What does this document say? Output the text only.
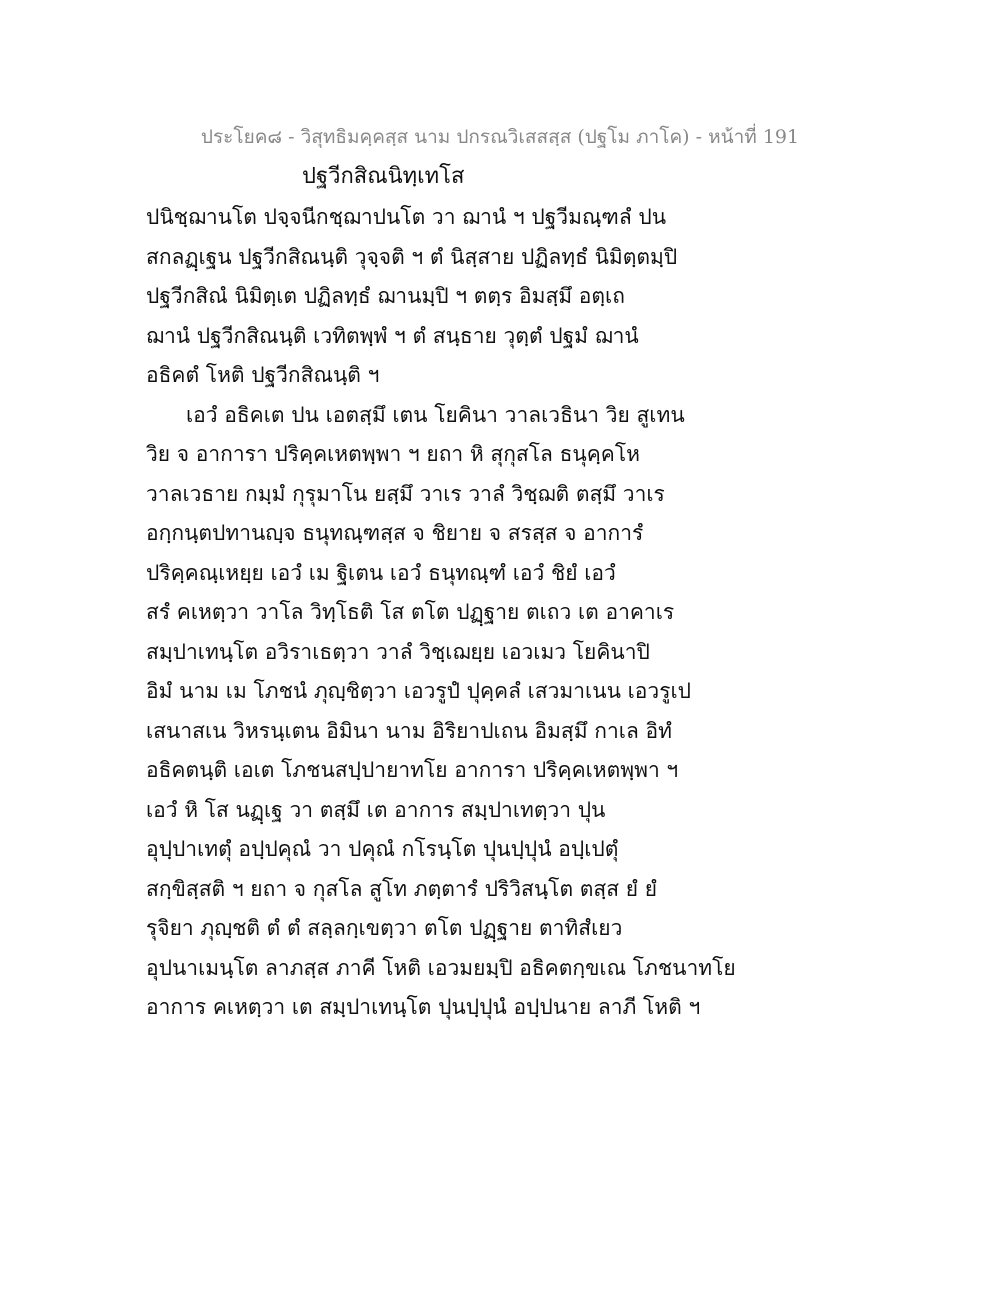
ประโยค๘ - วิสุทธิมคฺคสฺส นาม ปกรณวิเสสสฺส (ปฐโม ภาโค) - หน้าที่ 191
ปฐวีกสิณนิทฺเทโส
ปนิชฺฌานโต ปจฺจนีกชฺฌาปนโต วา ฌานํ ฯ ปฐวีมณฺฑลํ ปน
สกลฏฺเฐน ปฐวีกสิณนฺติ วุจฺจติ ฯ ตํ นิสฺสาย ปฏิลทฺธํ นิมิตฺตมฺปิ
ปฐวีกสิณํ นิมิตฺเต ปฏิลทฺธํ ฌานมฺปิ ฯ ตตฺร อิมสฺมึ อตฺเถ
ฌานํ ปฐวีกสิณนฺติ เวทิตพฺพํ ฯ ตํ สนฺธาย วุตฺตํ ปฐมํ ฌานํ
อธิคตํ โหติ ปฐวีกสิณนฺติ ฯ
เอวํ อธิคเต ปน เอตสฺมึ เตน โยคินา วาลเวธินา วิย สูเทน
วิย จ อาการา ปริคฺคเหตพฺพา ฯ ยถา หิ สุกุสโล ธนุคฺคโห
วาลเวธาย กมฺมํ กุรุมาโน ยสฺมึ วาเร วาลํ วิชฺฌติ ตสฺมึ วาเร
อกฺกนฺตปทานญฺจ ธนุทณฺฑสฺส จ ชิยาย จ สรสฺส จ อาการํ
ปริคฺคณฺเหยฺย เอวํ เม ฐิเตน เอวํ ธนุทณฺฑํ เอวํ ชิยํ เอวํ
สรํ คเหตฺวา วาโล วิทฺโธติ โส ตโต ปฏฺฐาย ตเถว เต อาคาเร
สมฺปาเทนฺโต อวิราเธตฺวา วาลํ วิชฺเฌยฺย เอวเมว โยคินาปิ
อิมํ นาม เม โภชนํ ภุญฺชิตฺวา เอวรูปํ ปุคฺคลํ เสวมาเนน เอวรูเป
เสนาสเน วิหรนฺเตน อิมินา นาม อิริยาปเถน อิมสฺมึ กาเล อิทํ
อธิคตนฺติ เอเต โภชนสปฺปายาทโย อาการา ปริคฺคเหตพฺพา ฯ
เอวํ หิ โส นฏฺเฐ วา ตสฺมึ เต อาการ สมฺปาเทตฺวา ปุน
อุปฺปาเทตุํ อปฺปคุณํ วา ปคุณํ กโรนฺโต ปุนปฺปุนํ อปฺเปตุํ
สกฺขิสฺสติ ฯ ยถา จ กุสโล สูโท ภตฺตารํ ปริวิสนฺโต ตสฺส ยํ ยํ
รุจิยา ภุญฺชติ ตํ ตํ สลฺลกฺเขตฺวา ตโต ปฏฺฐาย ตาทิสํเยว
อุปนาเมนฺโต ลาภสฺส ภาคี โหติ เอวมยมฺปิ อธิคตกฺขเณ โภชนาทโย
อาการ คเหตฺวา เต สมฺปาเทนฺโต ปุนปฺปุนํ อปฺปนาย ลาภี โหติ ฯ
